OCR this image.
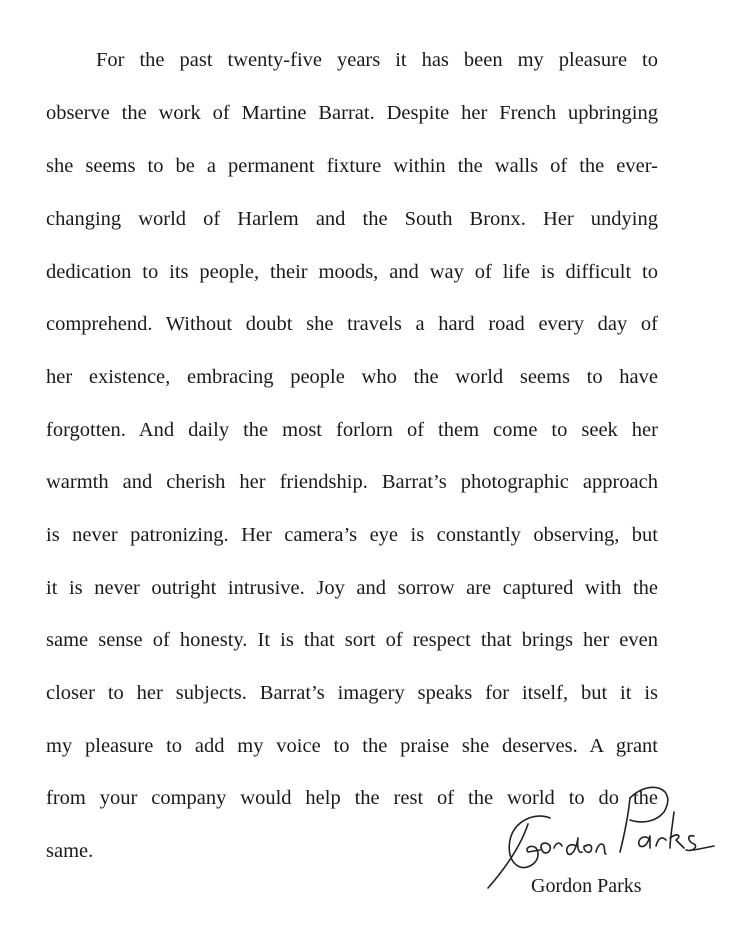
For the past twenty-five years it has been my pleasure to
observe the work of Martine Barrat. Despite her French upbringing
she seems to be a permanent fixture within the walls of the ever-
changing world of Harlem and the South Bronx. Her undying
dedication to its people, their moods, and way of life is difficult to
comprehend. Without doubt she travels a hard road every day of
her existence, embracing people who the world seems to have
forgotten. And daily the most forlorn of them come to seek her
warmth and cherish her friendship. Barrat’s photographic approach
is never patronizing. Her camera’s eye is constantly observing, but
it is never outright intrusive. Joy and sorrow are captured with the
same sense of honesty. It is that sort of respect that brings her even
closer to her subjects. Barrat’s imagery speaks for itself, but it is
my pleasure to add my voice to the praise she deserves. A grant
from your company would help the rest of the world to do the
same.
Gordon Parks
